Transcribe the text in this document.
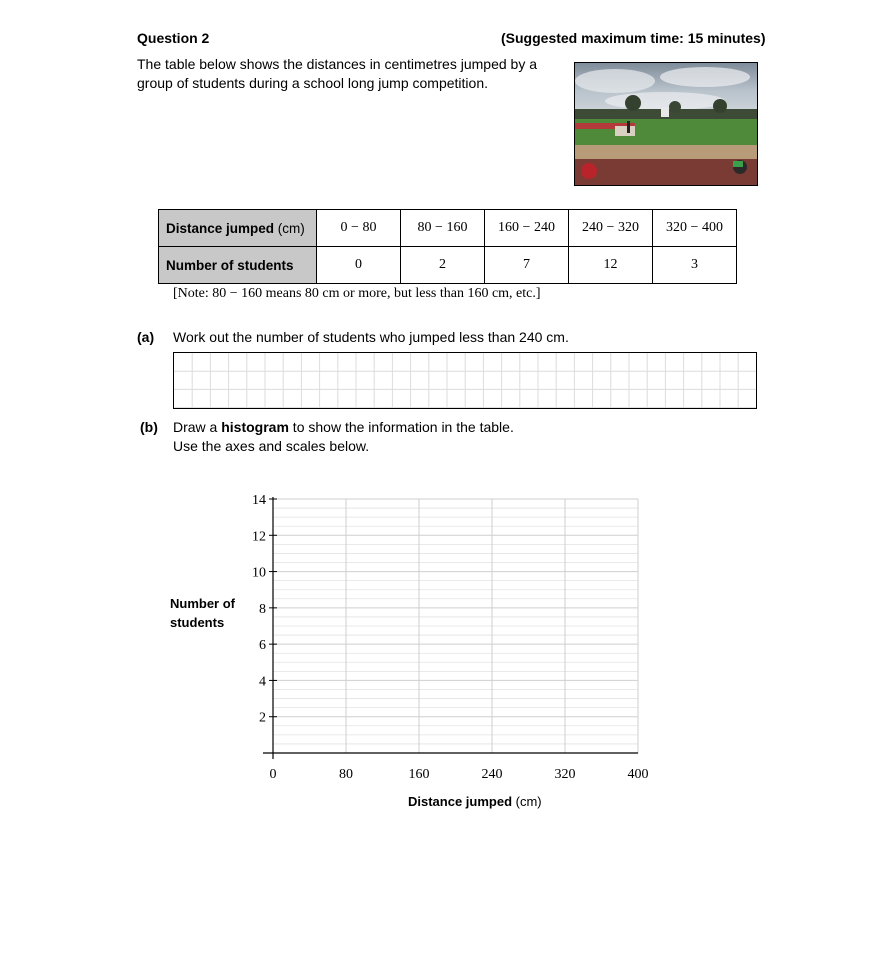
Question 2	(Suggested maximum time: 15 minutes)
The table below shows the distances in centimetres jumped by a
group of students during a school long jump competition.
Distance jumped (cm)	0 − 80	80 − 160	160 − 240	240 − 320	320 − 400
Number of students	0	2	7	12	3
[Note: 80 − 160 means 80 cm or more, but less than 160 cm, etc.]
(a) Work out the number of students who jumped less than 240 cm.
(b) Draw a histogram to show the information in the table.
Use the axes and scales below.
Number of
students
Distance jumped (cm)
2
4
6
8
10
12
14
0	80	160	240	320	400
